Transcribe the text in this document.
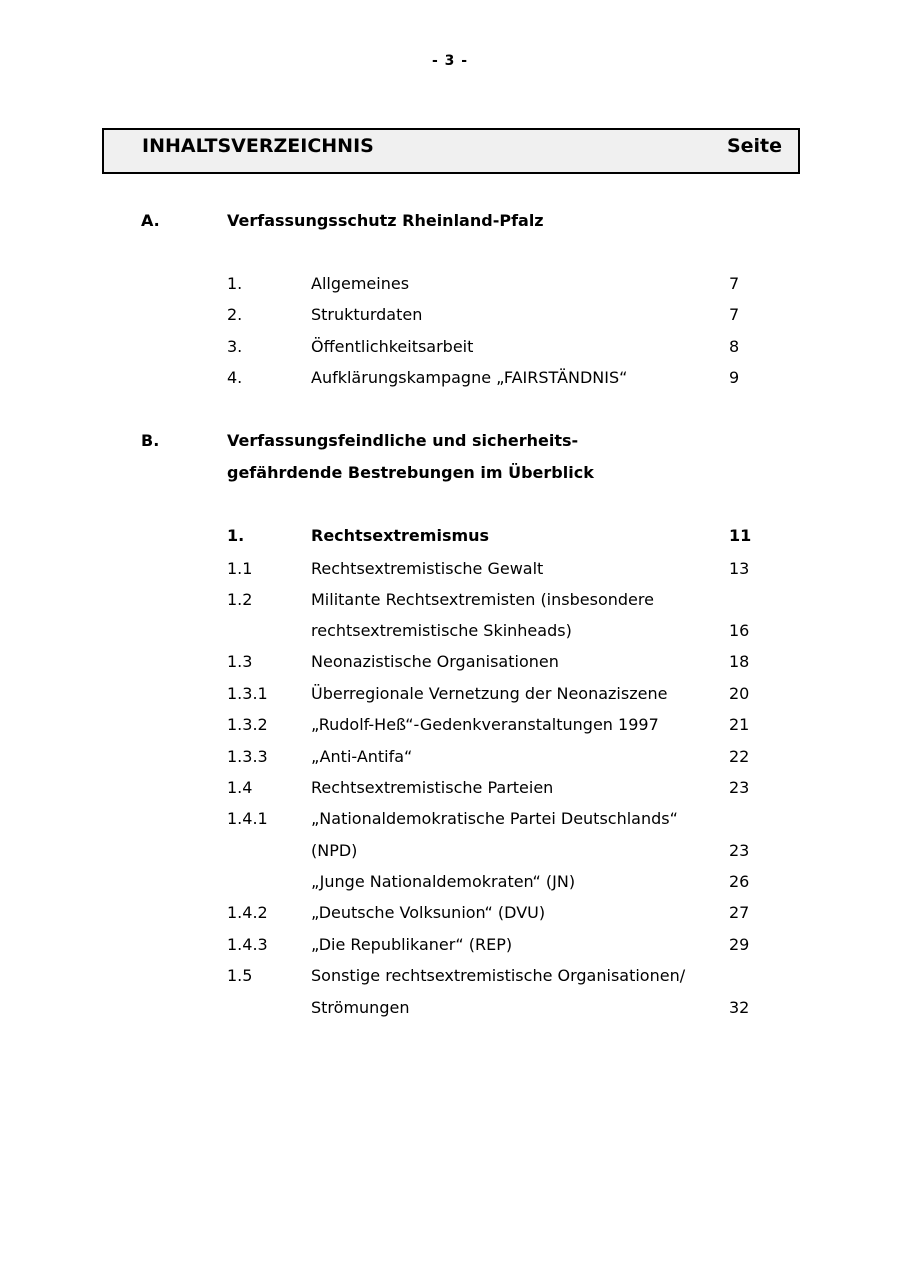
- 3 -
INHALTSVERZEICHNIS	Seite
A.	Verfassungsschutz Rheinland-Pfalz
1.	Allgemeines	7
2.	Strukturdaten	7
3.	Öffentlichkeitsarbeit	8
4.	Aufklärungskampagne „FAIRSTÄNDNIS“	9
B.	Verfassungsfeindliche und sicherheits-
gefährdende Bestrebungen im Überblick
1.	Rechtsextremismus	11
1.1	Rechtsextremistische Gewalt	13
1.2	Militante Rechtsextremisten (insbesondere
rechtsextremistische Skinheads)	16
1.3	Neonazistische Organisationen	18
1.3.1	Überregionale Vernetzung der Neonaziszene	20
1.3.2	„Rudolf-Heß“-Gedenkveranstaltungen 1997	21
1.3.3	„Anti-Antifa“	22
1.4	Rechtsextremistische Parteien	23
1.4.1	„Nationaldemokratische Partei Deutschlands“
(NPD)	23
„Junge Nationaldemokraten“ (JN)	26
1.4.2	„Deutsche Volksunion“ (DVU)	27
1.4.3	„Die Republikaner“ (REP)	29
1.5	Sonstige rechtsextremistische Organisationen/
Strömungen	32
